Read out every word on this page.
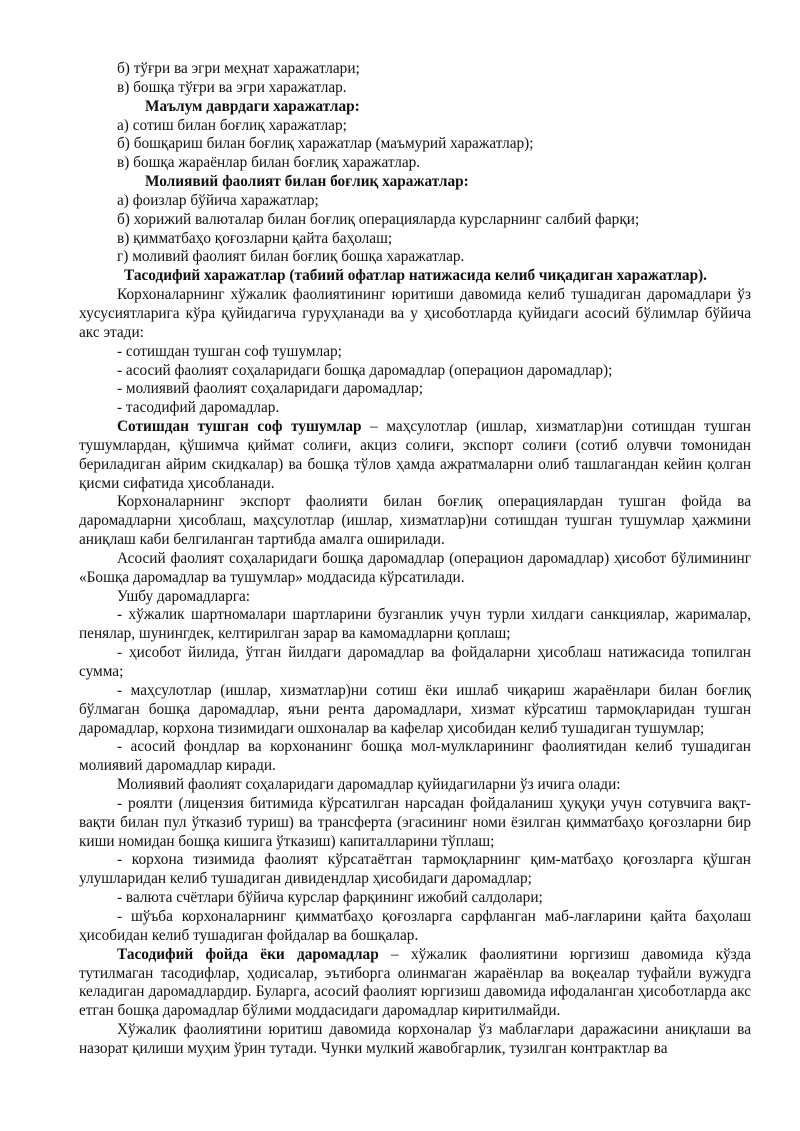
б) тўғри ва эгри меҳнат харажатлари;

в) бошқа тўғри ва эгри харажатлар.

Маълум даврдаги харажатлар:

а) сотиш билан боғлиқ харажатлар;

б) бошқариш билан боғлиқ харажатлар (маъмурий харажатлар);

в) бошқа жараёнлар билан боғлиқ харажатлар.

Молиявий фаолият билан боғлиқ харажатлар:

а) фоизлар бўйича харажатлар;

б) хорижий валюталар билан боғлиқ операцияларда курсларнинг салбий фарқи;

в) қимматбаҳо қоғозларни қайта баҳолаш;

г) моливий фаолият билан боғлиқ бошқа харажатлар.

Тасодифий харажатлар (табиий офатлар натижасида келиб чиқадиган харажатлар).

Корхоналарнинг хўжалик фаолиятининг юритиши давомида келиб тушадиган даромадлари ўз хусусиятларига кўра қуйидагича гуруҳланади ва у ҳисоботларда қуйидаги асосий бўлимлар бўйича акс этади:

- сотишдан тушган соф тушумлар;

- асосий фаолият соҳаларидаги бошқа даромадлар (операцион даромадлар);

- молиявий фаолият соҳаларидаги даромадлар;

- тасодифий даромадлар.

Сотишдан тушган соф тушумлар – маҳсулотлар (ишлар, хизматлар)ни сотишдан тушган тушумлардан, қўшимча қиймат солиғи, акциз солиғи, экспорт солиғи (сотиб олувчи томонидан бериладиган айрим скидкалар) ва бошқа тўлов ҳамда ажратмаларни олиб ташлагандан кейин қолган қисми сифатида ҳисобланади.

Корхоналарнинг экспорт фаолияти билан боғлиқ операциялардан тушган фойда ва даромадларни ҳисоблаш, маҳсулотлар (ишлар, хизматлар)ни сотишдан тушган тушумлар ҳажмини аниқлаш каби белгиланган тартибда амалга оширилади.

Асосий фаолият соҳаларидаги бошқа даромадлар (операцион даромадлар) ҳисобот бўлимининг «Бошқа даромадлар ва тушумлар» моддасида кўрсатилади.

Ушбу даромадларга:

- хўжалик шартномалари шартларини бузганлик учун турли хилдаги санкциялар, жарималар, пенялар, шунингдек, келтирилган зарар ва камомадларни қоплаш;

- ҳисобот йилида, ўтган йилдаги даромадлар ва фойдаларни ҳисоблаш натижасида топилган сумма;

- маҳсулотлар (ишлар, хизматлар)ни сотиш ёки ишлаб чиқариш жараёнлари билан боғлиқ бўлмаган бошқа даромадлар, яъни рента даромадлари, хизмат кўрсатиш тармоқларидан тушган даромадлар, корхона тизимидаги ошхоналар ва кафелар ҳисобидан келиб тушадиган тушумлар;

- асосий фондлар ва корхонанинг бошқа мол-мулкларининг фаолиятидан келиб тушадиган молиявий даромадлар киради.

Молиявий фаолият соҳаларидаги даромадлар қуйидагиларни ўз ичига олади:

- роялти (лицензия битимида кўрсатилган нарсадан фойдаланиш ҳуқуқи учун сотувчига вақт-вақти билан пул ўтказиб туриш) ва трансферта (эгасининг номи ёзилган қимматбаҳо қоғозларни бир киши номидан бошқа кишига ўтказиш) капиталларини тўплаш;

- корхона тизимида фаолият кўрсатаётган тармоқларнинг қим-матбаҳо қоғозларга қўшган улушларидан келиб тушадиган дивидендлар ҳисобидаги даромадлар;

- валюта счётлари бўйича курслар фарқининг ижобий салдолари;

- шўъба корхоналарнинг қимматбаҳо қоғозларга сарфланган маб-лағларини қайта баҳолаш ҳисобидан келиб тушадиган фойдалар ва бошқалар.

Тасодифий фойда ёки даромадлар – хўжалик фаолиятини юргизиш давомида кўзда тутилмаган тасодифлар, ҳодисалар, эътиборга олинмаган жараёнлар ва воқеалар туфайли вужудга келадиган даромадлардир. Буларга, асосий фаолият юргизиш давомида ифодаланган ҳисоботларда акс етган бошқа даромадлар бўлими моддасидаги даромадлар киритилмайди.

Хўжалик фаолиятини юритиш давомида корхоналар ўз маблағлари даражасини аниқлаши ва назорат қилиши муҳим ўрин тутади. Чунки мулкий жавобгарлик, тузилган контрактлар ва
